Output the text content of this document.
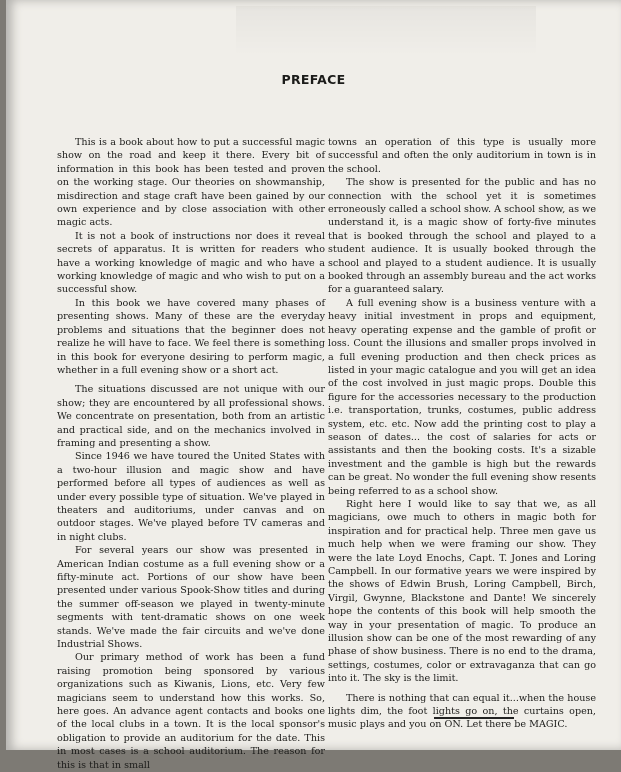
PREFACE

This is a book about how to put a successful magic show on the road and keep it there. Every bit of information in this book has been tested and proven on the working stage. Our theories on showmanship, misdirection and stage craft have been gained by our own experience and by close association with other magic acts.

It is not a book of instructions nor does it reveal secrets of apparatus. It is written for readers who have a working knowledge of magic and who have a working knowledge of magic and who wish to put on a successful show.

In this book we have covered many phases of presenting shows. Many of these are the everyday problems and situations that the beginner does not realize he will have to face. We feel there is something in this book for everyone desiring to perform magic, whether in a full evening show or a short act.

The situations discussed are not unique with our show; they are encountered by all professional shows. We concentrate on presentation, both from an artistic and practical side, and on the mechanics involved in framing and presenting a show.

Since 1946 we have toured the United States with a two-hour illusion and magic show and have performed before all types of audiences as well as under every possible type of situation. We've played in theaters and auditoriums, under canvas and on outdoor stages. We've played before TV cameras and in night clubs.

For several years our show was presented in American Indian costume as a full evening show or a fifty-minute act. Portions of our show have been presented under various Spook-Show titles and during the summer off-season we played in twenty-minute segments with tent-dramatic shows on one week stands. We've made the fair circuits and we've done Industrial Shows.

Our primary method of work has been a fund raising promotion being sponsored by various organizations such as Kiwanis, Lions, etc. Very few magicians seem to understand how this works. So, here goes. An advance agent contacts and books one of the local clubs in a town. It is the local sponsor's obligation to provide an auditorium for the date. This in most cases is a school auditorium. The reason for this is that in small

towns an operation of this type is usually more successful and often the only auditorium in town is in the school.

The show is presented for the public and has no connection with the school yet it is sometimes erroneously called a school show. A school show, as we understand it, is a magic show of forty-five minutes that is booked through the school and played to a student audience. It is usually booked through the school and played to a student audience. It is usually booked through an assembly bureau and the act works for a guaranteed salary.

A full evening show is a business venture with a heavy initial investment in props and equipment, heavy operating expense and the gamble of profit or loss. Count the illusions and smaller props involved in a full evening production and then check prices as listed in your magic catalogue and you will get an idea of the cost involved in just magic props. Double this figure for the accessories necessary to the production i.e. transportation, trunks, costumes, public address system, etc. etc. Now add the printing cost to play a season of dates... the cost of salaries for acts or assistants and then the booking costs. It's a sizable investment and the gamble is high but the rewards can be great. No wonder the full evening show resents being referred to as a school show.

Right here I would like to say that we, as all magicians, owe much to others in magic both for inspiration and for practical help. Three men gave us much help when we were framing our show. They were the late Loyd Enochs, Capt. T. Jones and Loring Campbell. In our formative years we were inspired by the shows of Edwin Brush, Loring Campbell, Birch, Virgil, Gwynne, Blackstone and Dante! We sincerely hope the contents of this book will help smooth the way in your presentation of magic. To produce an illusion show can be one of the most rewarding of any phase of show business. There is no end to the drama, settings, costumes, color or extravaganza that can go into it. The sky is the limit.

There is nothing that can equal it...when the house lights dim, the foot lights go on, the curtains open, music plays and you on ON. Let there be MAGIC.
